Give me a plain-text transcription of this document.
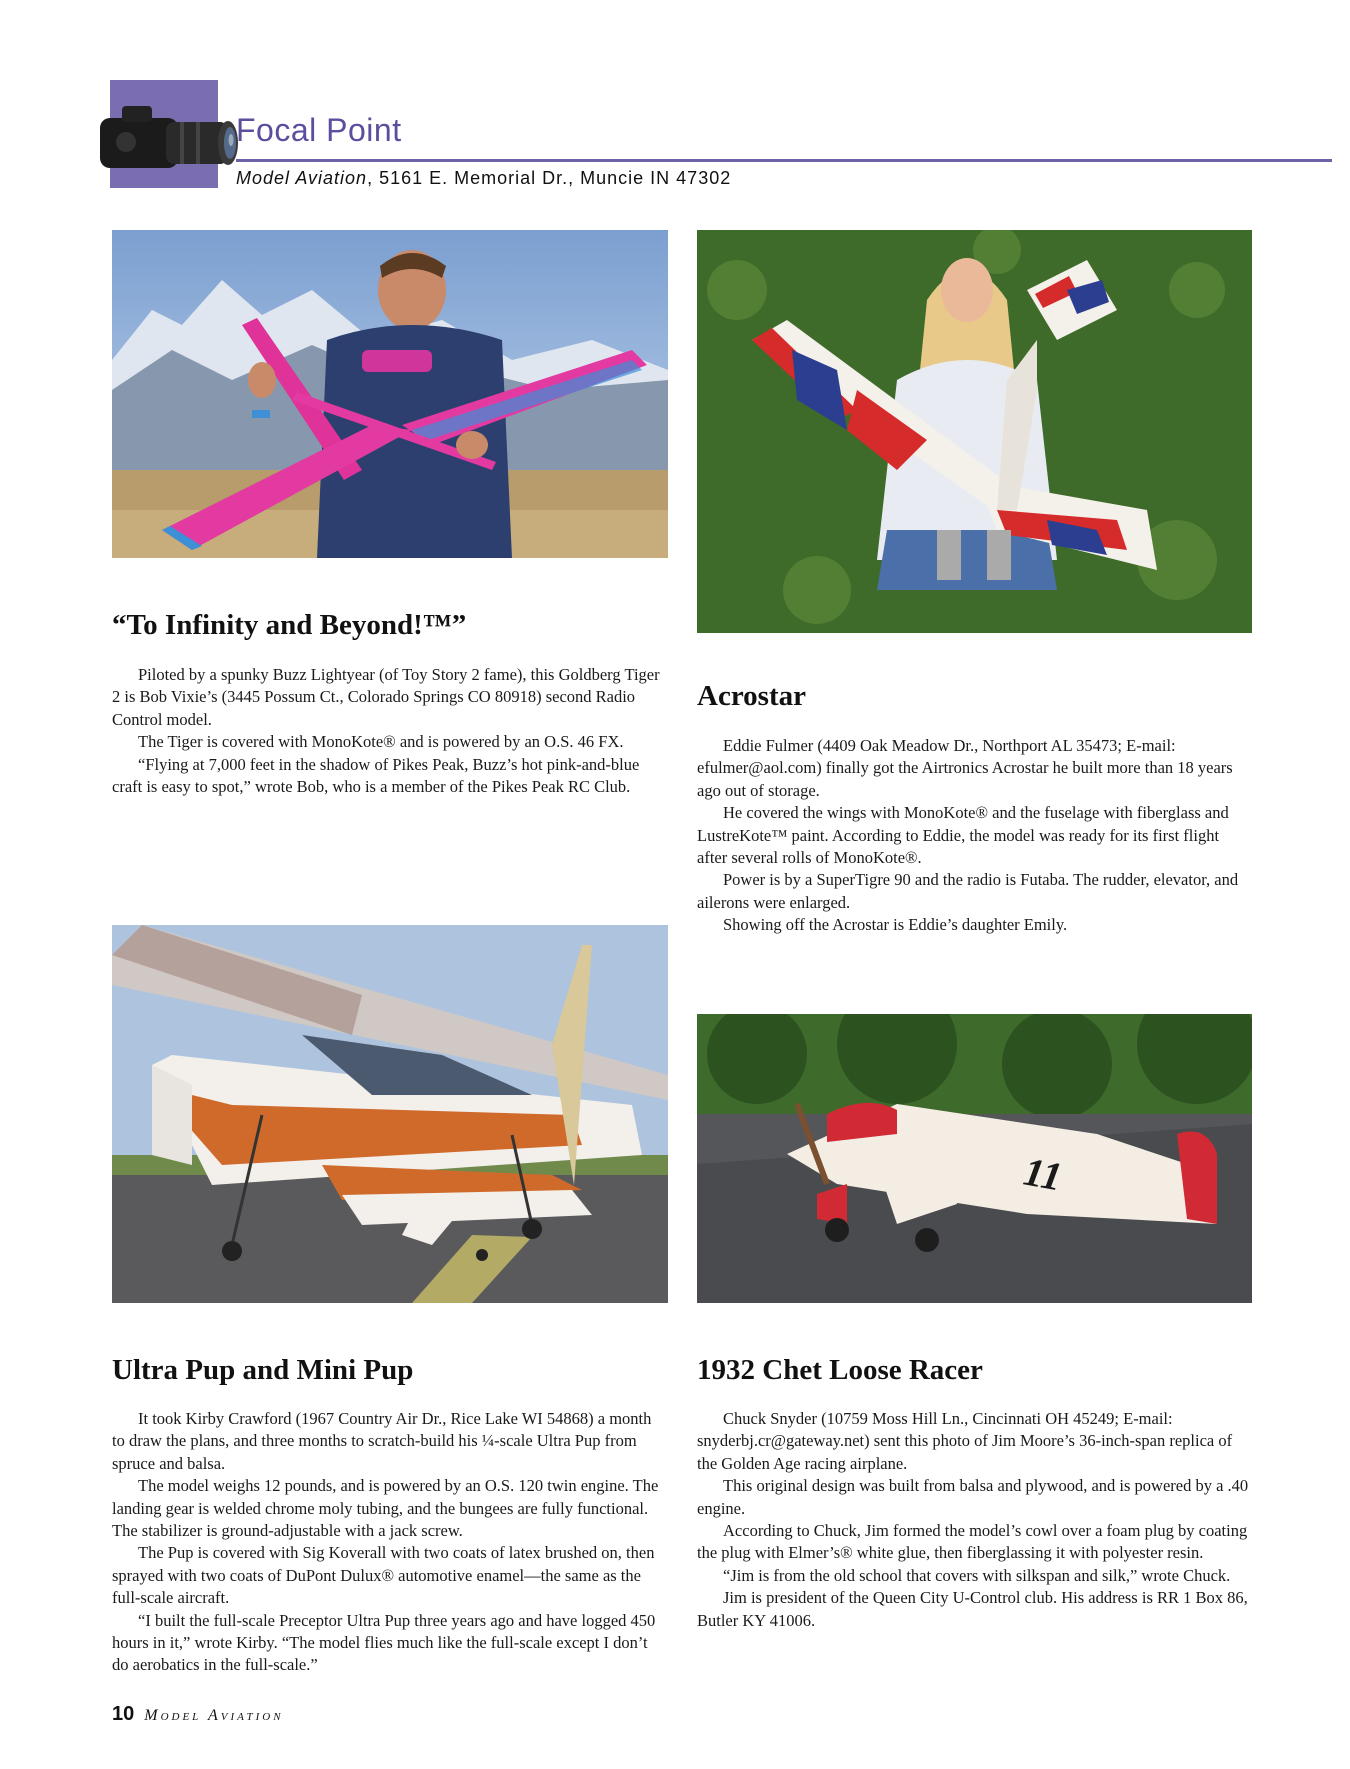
Focal Point
Model Aviation, 5161 E. Memorial Dr., Muncie IN 47302
11
“To Infinity and Beyond!™”

Piloted by a spunky Buzz Lightyear (of Toy Story 2 fame), this Goldberg Tiger 2 is Bob Vixie’s (3445 Possum Ct., Colorado Springs CO 80918) second Radio Control model.

The Tiger is covered with MonoKote® and is powered by an O.S. 46 FX.

“Flying at 7,000 feet in the shadow of Pikes Peak, Buzz’s hot pink-and-blue craft is easy to spot,” wrote Bob, who is a member of the Pikes Peak RC Club.

Acrostar

Eddie Fulmer (4409 Oak Meadow Dr., Northport AL 35473; E-mail: efulmer@aol.com) finally got the Airtronics Acrostar he built more than 18 years ago out of storage.

He covered the wings with MonoKote® and the fuselage with fiberglass and LustreKote™ paint. According to Eddie, the model was ready for its first flight after several rolls of MonoKote®.

Power is by a SuperTigre 90 and the radio is Futaba. The rudder, elevator, and ailerons were enlarged.

Showing off the Acrostar is Eddie’s daughter Emily.

Ultra Pup and Mini Pup

It took Kirby Crawford (1967 Country Air Dr., Rice Lake WI 54868) a month to draw the plans, and three months to scratch-build his ¼-scale Ultra Pup from spruce and balsa.

The model weighs 12 pounds, and is powered by an O.S. 120 twin engine. The landing gear is welded chrome moly tubing, and the bungees are fully functional. The stabilizer is ground-adjustable with a jack screw.

The Pup is covered with Sig Koverall with two coats of latex brushed on, then sprayed with two coats of DuPont Dulux® automotive enamel—the same as the full-scale aircraft.

“I built the full-scale Preceptor Ultra Pup three years ago and have logged 450 hours in it,” wrote Kirby. “The model flies much like the full-scale except I don’t do aerobatics in the full-scale.”

1932 Chet Loose Racer

Chuck Snyder (10759 Moss Hill Ln., Cincinnati OH 45249; E-mail: snyderbj.cr@gateway.net) sent this photo of Jim Moore’s 36-inch-span replica of the Golden Age racing airplane.

This original design was built from balsa and plywood, and is powered by a .40 engine.

According to Chuck, Jim formed the model’s cowl over a foam plug by coating the plug with Elmer’s® white glue, then fiberglassing it with polyester resin.

“Jim is from the old school that covers with silkspan and silk,” wrote Chuck.

Jim is president of the Queen City U-Control club. His address is RR 1 Box 86, Butler KY 41006.

10 Model Aviation
